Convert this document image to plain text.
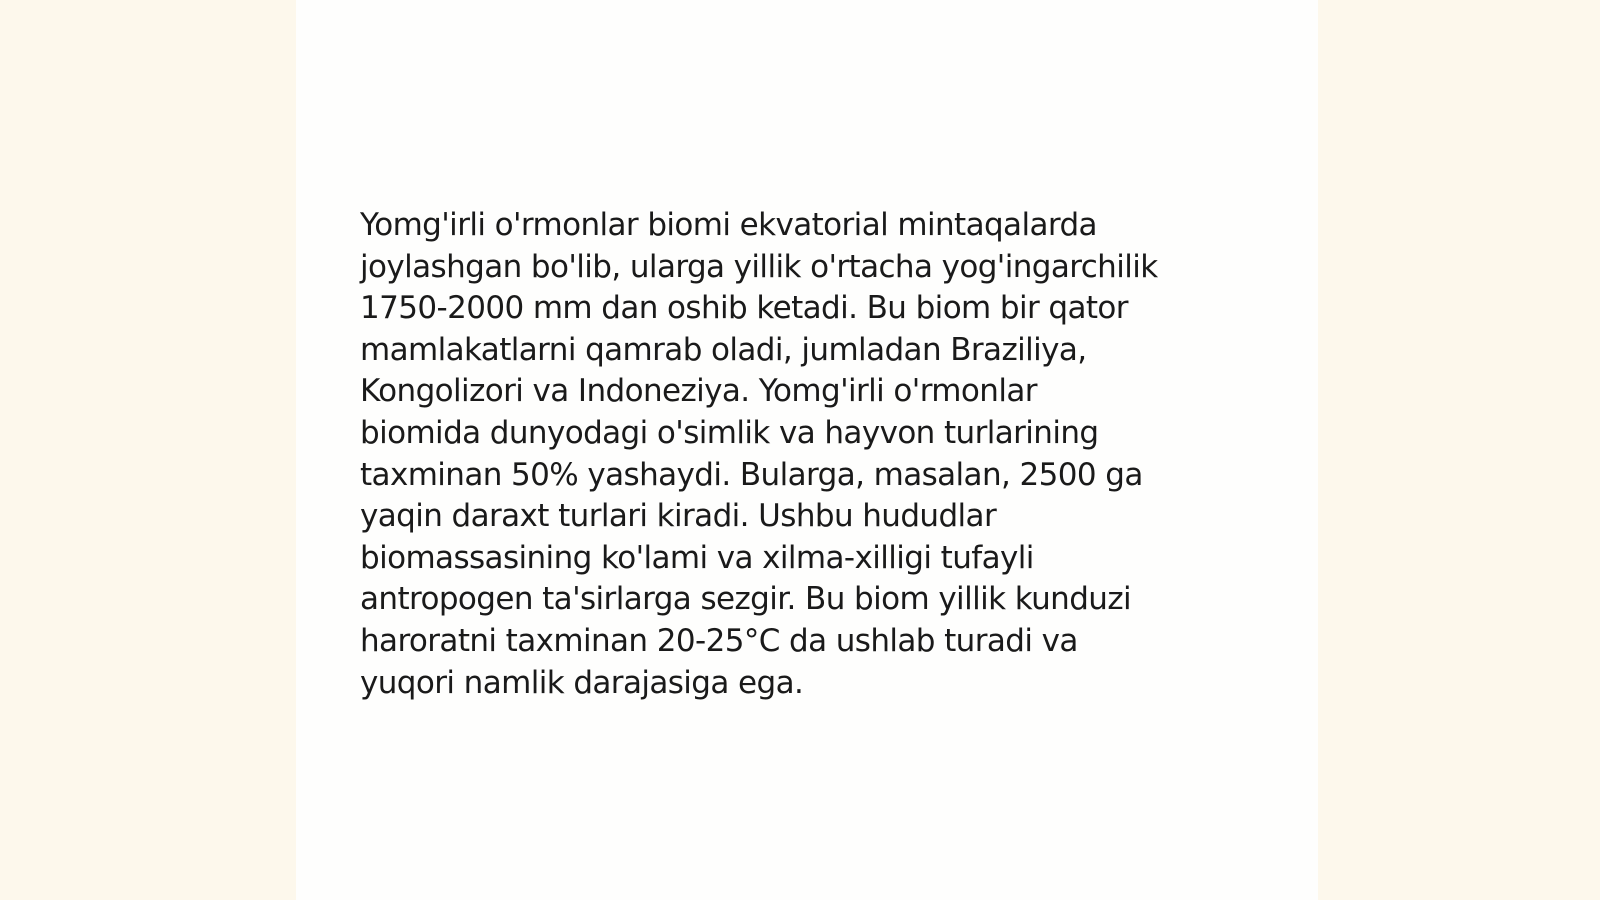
Yomg'irli o'rmonlar biomi ekvatorial mintaqalarda
joylashgan bo'lib, ularga yillik o'rtacha yog'ingarchilik
1750-2000 mm dan oshib ketadi. Bu biom bir qator
mamlakatlarni qamrab oladi, jumladan Braziliya,
Kongolizori va Indoneziya. Yomg'irli o'rmonlar
biomida dunyodagi o'simlik va hayvon turlarining
taxminan 50% yashaydi. Bularga, masalan, 2500 ga
yaqin daraxt turlari kiradi. Ushbu hududlar
biomassasining ko'lami va xilma-xilligi tufayli
antropogen ta'sirlarga sezgir. Bu biom yillik kunduzi
haroratni taxminan 20-25°C da ushlab turadi va
yuqori namlik darajasiga ega.
